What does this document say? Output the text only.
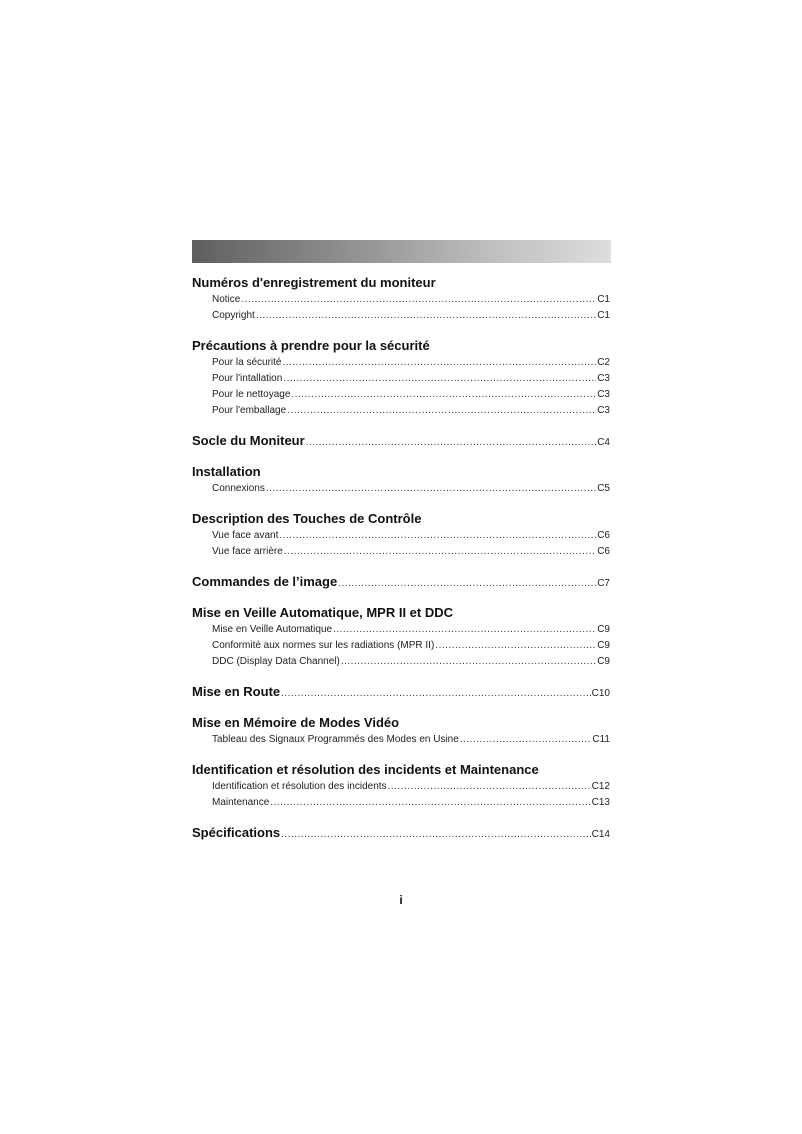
Numéros d'enregistrement du moniteur
Notice .....	C1
Copyright .....	C1
Précautions à prendre pour la sécurité
Pour la sécurité .....	C2
Pour l'intallation .....	C3
Pour le nettoyage .....	C3
Pour l'emballage .....	C3
Socle du Moniteur .....	C4
Installation
Connexions .....	C5
Description des Touches de Contrôle
Vue face avant .....	C6
Vue face arrière .....	C6
Commandes de l’image .....	C7
Mise en Veille Automatique, MPR II et DDC
Mise en Veille Automatique .....	C9
Conformité aux normes sur les radiations (MPR II) .....	C9
DDC (Display Data Channel) .....	C9
Mise en Route .....	C10
Mise en Mémoire de Modes Vidéo
Tableau des Signaux Programmés des Modes en Usine .....	C11
Identification et résolution des incidents et Maintenance
Identification et résolution des incidents .....	C12
Maintenance .....	C13
Spécifications .....	C14
i
